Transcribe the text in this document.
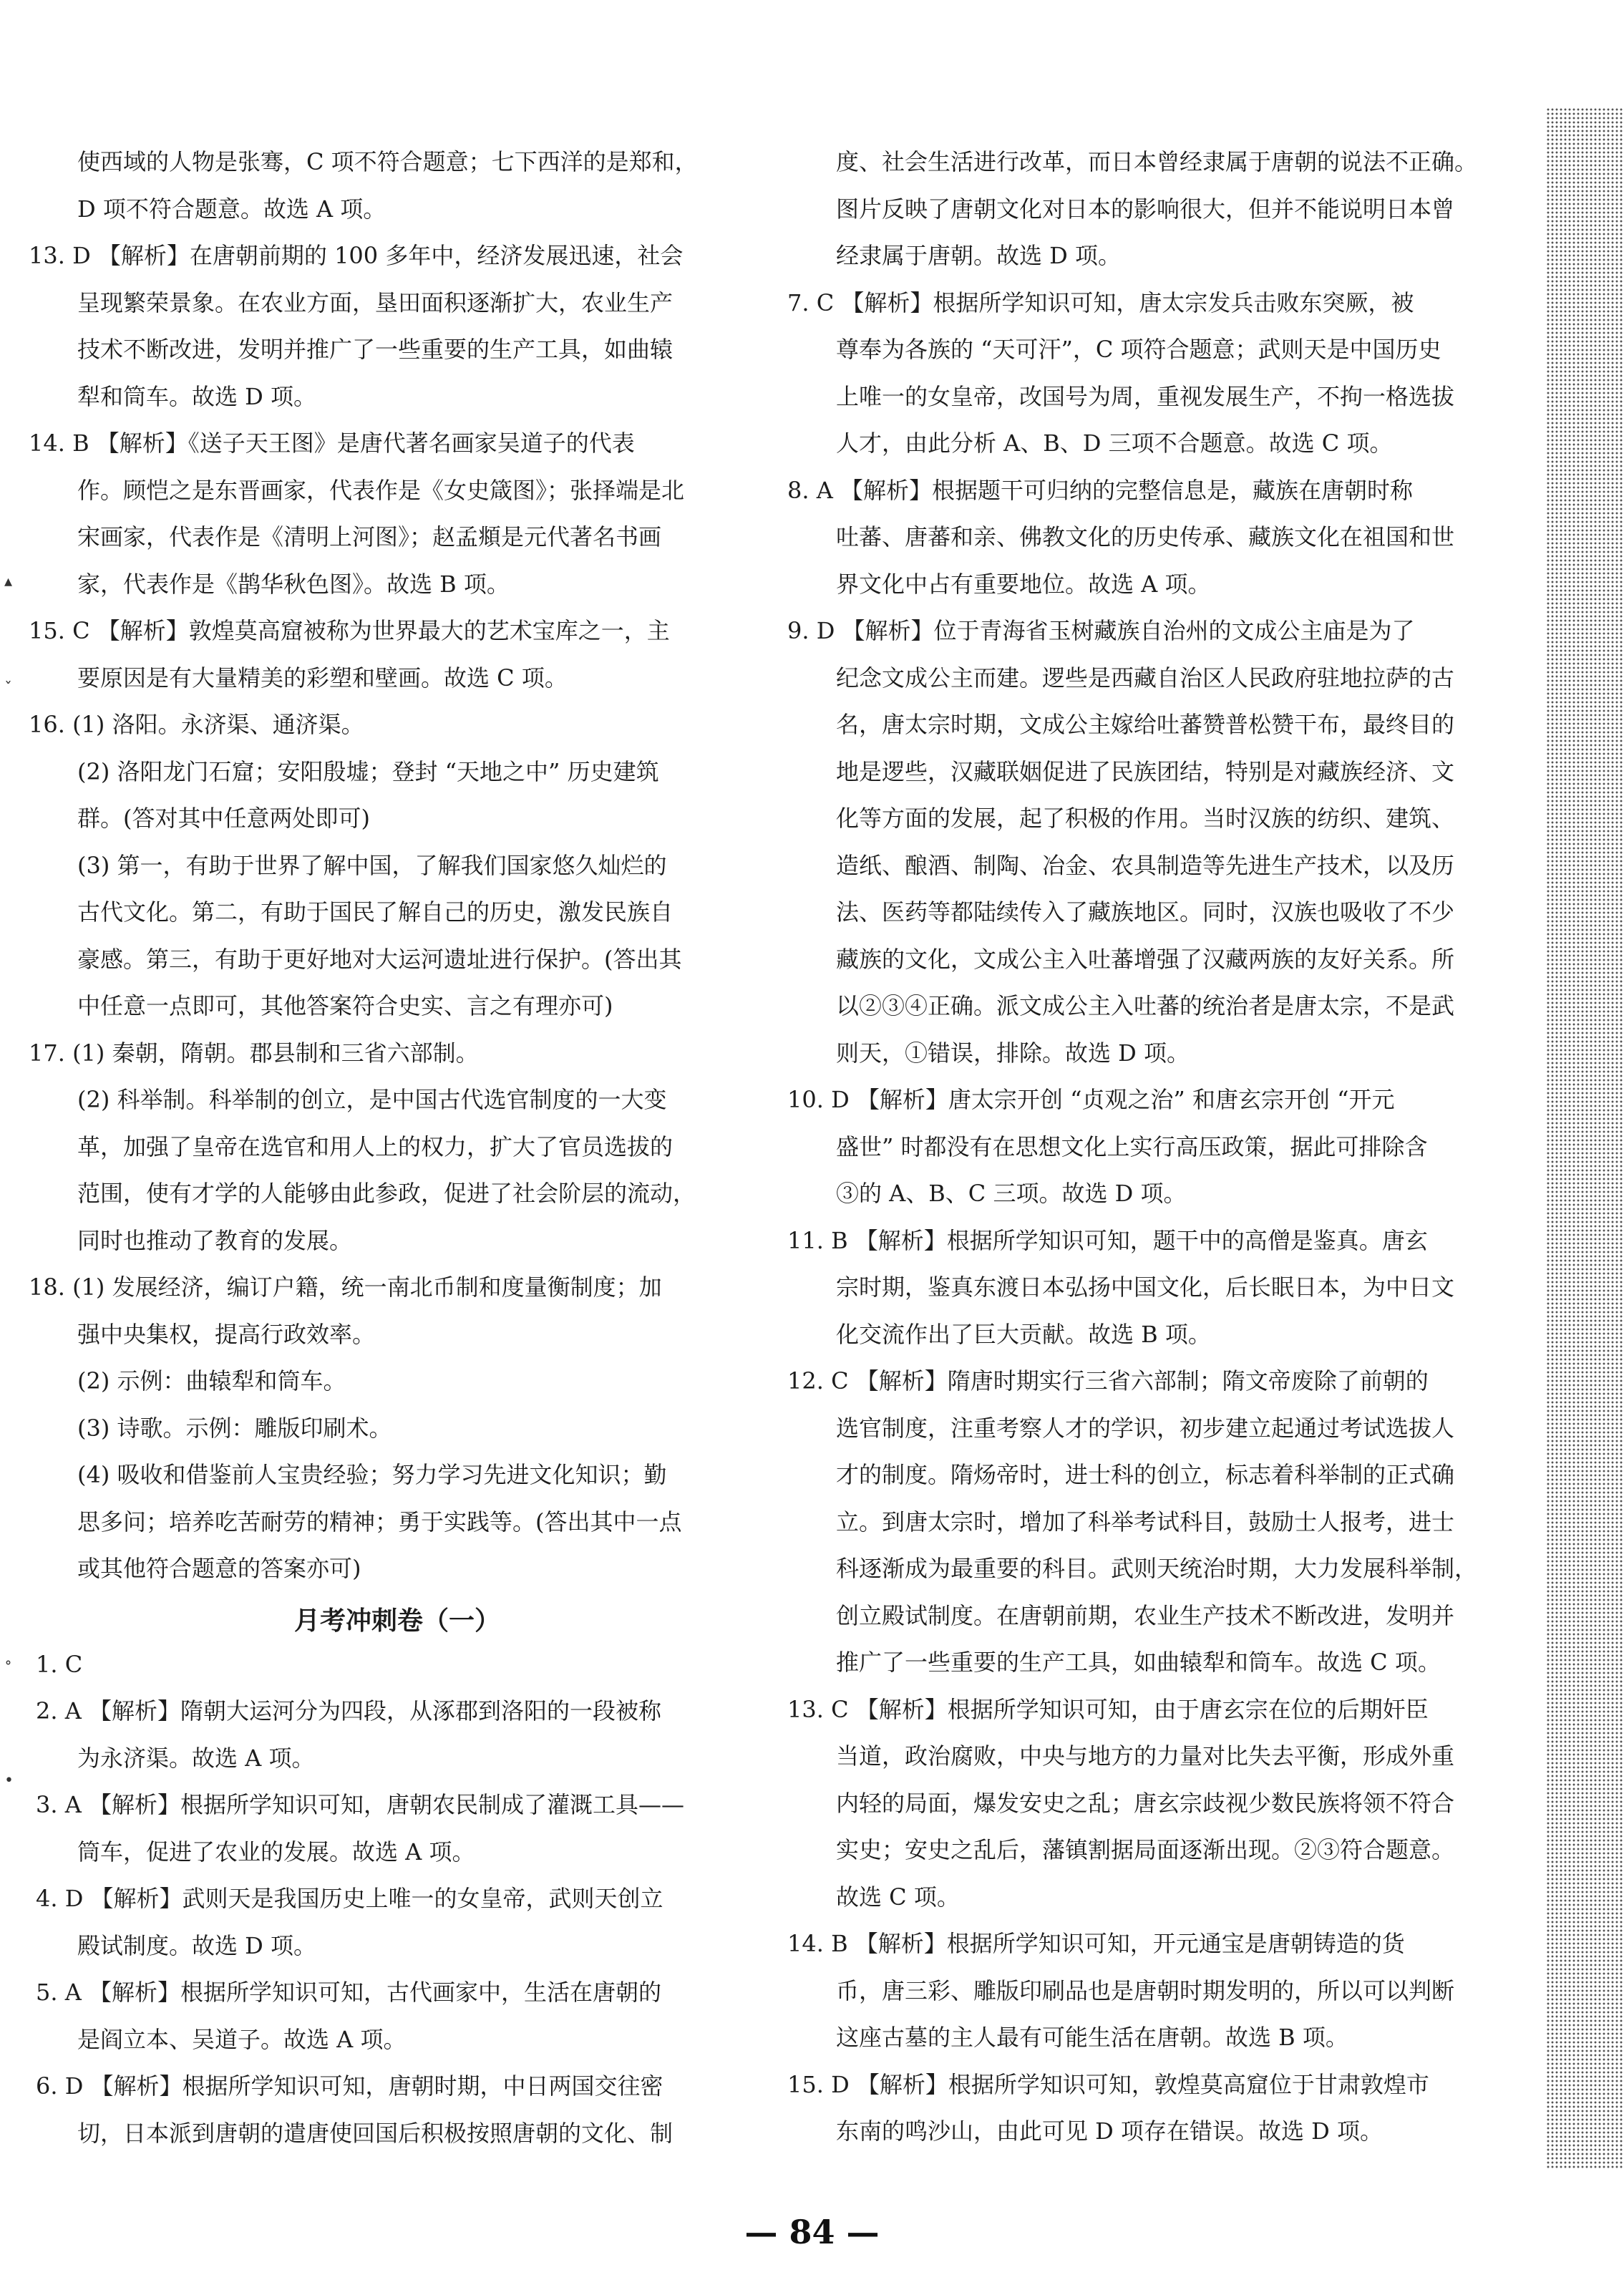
使西域的人物是张骞，C 项不符合题意；七下西洋的是郑和，
D 项不符合题意。故选 A 项。
13. D 【解析】在唐朝前期的 100 多年中，经济发展迅速，社会
呈现繁荣景象。在农业方面，垦田面积逐渐扩大，农业生产
技术不断改进，发明并推广了一些重要的生产工具，如曲辕
犁和筒车。故选 D 项。
14. B 【解析】《送子天王图》是唐代著名画家吴道子的代表
作。顾恺之是东晋画家，代表作是《女史箴图》；张择端是北
宋画家，代表作是《清明上河图》；赵孟頫是元代著名书画
家，代表作是《鹊华秋色图》。故选 B 项。
15. C 【解析】敦煌莫高窟被称为世界最大的艺术宝库之一，主
要原因是有大量精美的彩塑和壁画。故选 C 项。
16. (1) 洛阳。永济渠、通济渠。
(2) 洛阳龙门石窟；安阳殷墟；登封 “天地之中” 历史建筑
群。(答对其中任意两处即可)
(3) 第一，有助于世界了解中国，了解我们国家悠久灿烂的
古代文化。第二，有助于国民了解自己的历史，激发民族自
豪感。第三，有助于更好地对大运河遗址进行保护。(答出其
中任意一点即可，其他答案符合史实、言之有理亦可)
17. (1) 秦朝，隋朝。郡县制和三省六部制。
(2) 科举制。科举制的创立，是中国古代选官制度的一大变
革，加强了皇帝在选官和用人上的权力，扩大了官员选拔的
范围，使有才学的人能够由此参政，促进了社会阶层的流动，
同时也推动了教育的发展。
18. (1) 发展经济，编订户籍，统一南北币制和度量衡制度；加
强中央集权，提高行政效率。
(2) 示例：曲辕犁和筒车。
(3) 诗歌。示例：雕版印刷术。
(4) 吸收和借鉴前人宝贵经验；努力学习先进文化知识；勤
思多问；培养吃苦耐劳的精神；勇于实践等。(答出其中一点
或其他符合题意的答案亦可)
月考冲刺卷（一）
1. C
2. A 【解析】隋朝大运河分为四段，从涿郡到洛阳的一段被称
为永济渠。故选 A 项。
3. A 【解析】根据所学知识可知，唐朝农民制成了灌溉工具——
筒车，促进了农业的发展。故选 A 项。
4. D 【解析】武则天是我国历史上唯一的女皇帝，武则天创立
殿试制度。故选 D 项。
5. A 【解析】根据所学知识可知，古代画家中，生活在唐朝的
是阎立本、吴道子。故选 A 项。
6. D 【解析】根据所学知识可知，唐朝时期，中日两国交往密
切，日本派到唐朝的遣唐使回国后积极按照唐朝的文化、制
度、社会生活进行改革，而日本曾经隶属于唐朝的说法不正确。
图片反映了唐朝文化对日本的影响很大，但并不能说明日本曾
经隶属于唐朝。故选 D 项。
7. C 【解析】根据所学知识可知，唐太宗发兵击败东突厥，被
尊奉为各族的 “天可汗”，C 项符合题意；武则天是中国历史
上唯一的女皇帝，改国号为周，重视发展生产，不拘一格选拔
人才，由此分析 A、B、D 三项不合题意。故选 C 项。
8. A 【解析】根据题干可归纳的完整信息是，藏族在唐朝时称
吐蕃、唐蕃和亲、佛教文化的历史传承、藏族文化在祖国和世
界文化中占有重要地位。故选 A 项。
9. D 【解析】位于青海省玉树藏族自治州的文成公主庙是为了
纪念文成公主而建。逻些是西藏自治区人民政府驻地拉萨的古
名，唐太宗时期，文成公主嫁给吐蕃赞普松赞干布，最终目的
地是逻些，汉藏联姻促进了民族团结，特别是对藏族经济、文
化等方面的发展，起了积极的作用。当时汉族的纺织、建筑、
造纸、酿酒、制陶、冶金、农具制造等先进生产技术，以及历
法、医药等都陆续传入了藏族地区。同时，汉族也吸收了不少
藏族的文化，文成公主入吐蕃增强了汉藏两族的友好关系。所
以②③④正确。派文成公主入吐蕃的统治者是唐太宗，不是武
则天，①错误，排除。故选 D 项。
10. D 【解析】唐太宗开创 “贞观之治” 和唐玄宗开创 “开元
盛世” 时都没有在思想文化上实行高压政策，据此可排除含
③的 A、B、C 三项。故选 D 项。
11. B 【解析】根据所学知识可知，题干中的高僧是鉴真。唐玄
宗时期，鉴真东渡日本弘扬中国文化，后长眠日本，为中日文
化交流作出了巨大贡献。故选 B 项。
12. C 【解析】隋唐时期实行三省六部制；隋文帝废除了前朝的
选官制度，注重考察人才的学识，初步建立起通过考试选拔人
才的制度。隋炀帝时，进士科的创立，标志着科举制的正式确
立。到唐太宗时，增加了科举考试科目，鼓励士人报考，进士
科逐渐成为最重要的科目。武则天统治时期，大力发展科举制，
创立殿试制度。在唐朝前期，农业生产技术不断改进，发明并
推广了一些重要的生产工具，如曲辕犁和筒车。故选 C 项。
13. C 【解析】根据所学知识可知，由于唐玄宗在位的后期奸臣
当道，政治腐败，中央与地方的力量对比失去平衡，形成外重
内轻的局面，爆发安史之乱；唐玄宗歧视少数民族将领不符合
实史；安史之乱后，藩镇割据局面逐渐出现。②③符合题意。
故选 C 项。
14. B 【解析】根据所学知识可知，开元通宝是唐朝铸造的货
币，唐三彩、雕版印刷品也是唐朝时期发明的，所以可以判断
这座古墓的主人最有可能生活在唐朝。故选 B 项。
15. D 【解析】根据所学知识可知，敦煌莫高窟位于甘肃敦煌市
东南的鸣沙山，由此可见 D 项存在错误。故选 D 项。
▴
ˇ
˚
•
— 84 —
